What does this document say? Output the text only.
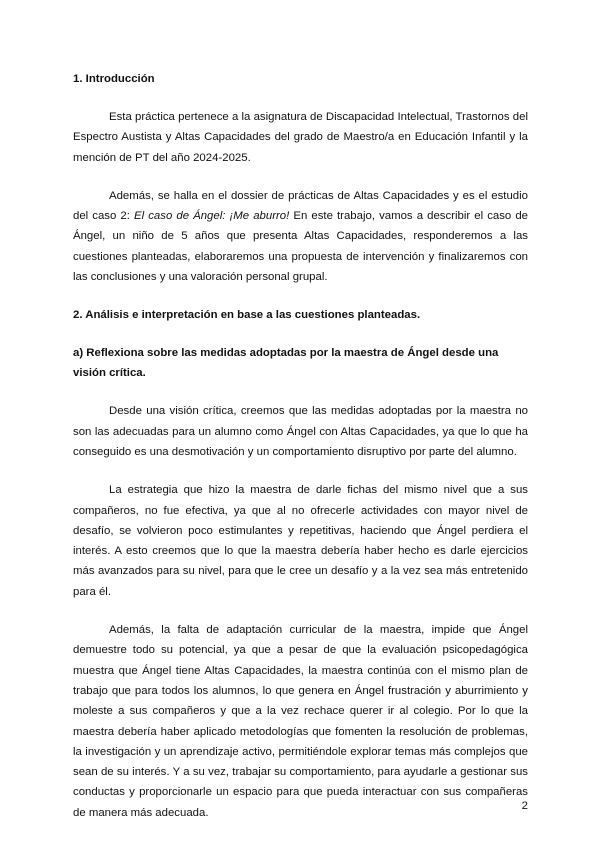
1. Introducción

Esta práctica pertenece a la asignatura de Discapacidad Intelectual, Trastornos del Espectro Austista y Altas Capacidades del grado de Maestro/a en Educación Infantil y la mención de PT del año 2024-2025.

Además, se halla en el dossier de prácticas de Altas Capacidades y es el estudio del caso 2: El caso de Ángel: ¡Me aburro! En este trabajo, vamos a describir el caso de Ángel, un niño de 5 años que presenta Altas Capacidades, responderemos a las cuestiones planteadas, elaboraremos una propuesta de intervención y finalizaremos con las conclusiones y una valoración personal grupal.

2. Análisis e interpretación en base a las cuestiones planteadas.
a) Reflexiona sobre las medidas adoptadas por la maestra de Ángel desde una visión crítica.

Desde una visión crítica, creemos que las medidas adoptadas por la maestra no son las adecuadas para un alumno como Ángel con Altas Capacidades, ya que lo que ha conseguido es una desmotivación y un comportamiento disruptivo por parte del alumno.

La estrategia que hizo la maestra de darle fichas del mismo nivel que a sus compañeros, no fue efectiva, ya que al no ofrecerle actividades con mayor nivel de desafío, se volvieron poco estimulantes y repetitivas, haciendo que Ángel perdiera el interés. A esto creemos que lo que la maestra debería haber hecho es darle ejercicios más avanzados para su nivel, para que le cree un desafío y a la vez sea más entretenido para él.

Además, la falta de adaptación curricular de la maestra, impide que Ángel demuestre todo su potencial, ya que a pesar de que la evaluación psicopedagógica muestra que Ángel tiene Altas Capacidades, la maestra continúa con el mismo plan de trabajo que para todos los alumnos, lo que genera en Ángel frustración y aburrimiento y moleste a sus compañeros y que a la vez rechace querer ir al colegio. Por lo que la maestra debería haber aplicado metodologías que fomenten la resolución de problemas, la investigación y un aprendizaje activo, permitiéndole explorar temas más complejos que sean de su interés. Y a su vez, trabajar su comportamiento, para ayudarle a gestionar sus conductas y proporcionarle un espacio para que pueda interactuar con sus compañeras de manera más adecuada.

2
